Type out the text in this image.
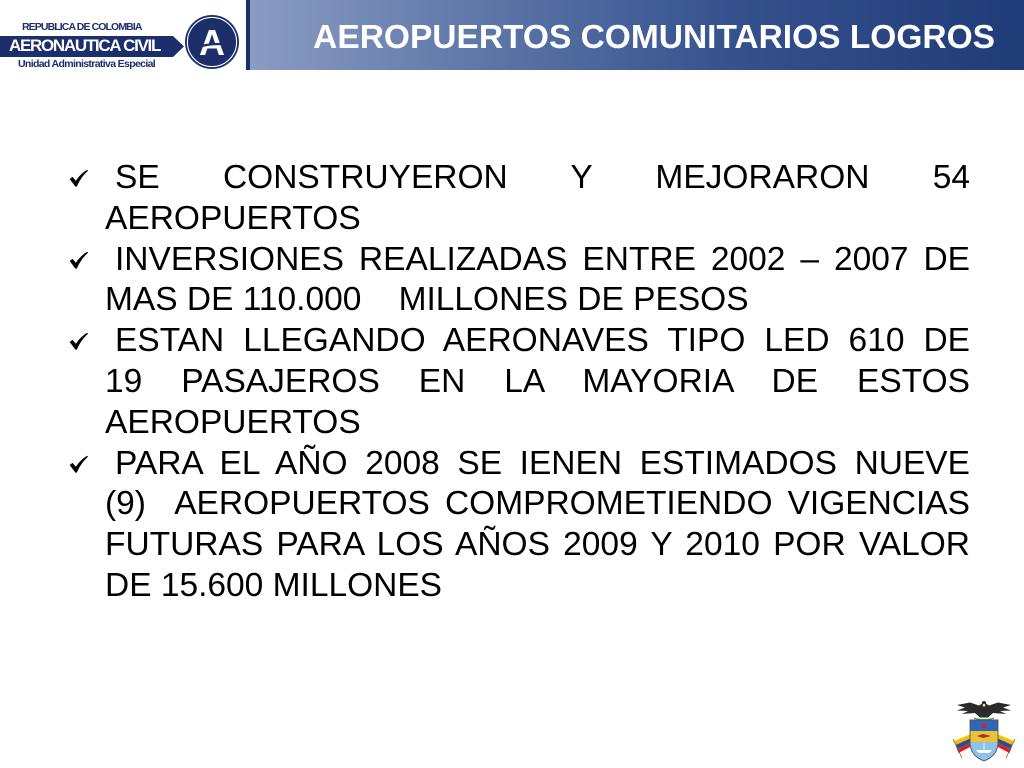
REPUBLICA DE COLOMBIA
AERONAUTICA CIVIL
Unidad Administrativa Especial
A	AEROPUERTOS COMUNITARIOS LOGROS
SE CONSTRUYERON Y MEJORARON 54
AEROPUERTOS
INVERSIONES REALIZADAS ENTRE 2002 – 2007 DE
MAS DE 110.000    MILLONES DE PESOS
ESTAN LLEGANDO AERONAVES TIPO LED 610 DE
19 PASAJEROS EN LA MAYORIA DE ESTOS
AEROPUERTOS
PARA EL AÑO 2008 SE IENEN ESTIMADOS NUEVE
(9)  AEROPUERTOS COMPROMETIENDO VIGENCIAS
FUTURAS PARA LOS AÑOS 2009 Y 2010 POR VALOR
DE 15.600 MILLONES
